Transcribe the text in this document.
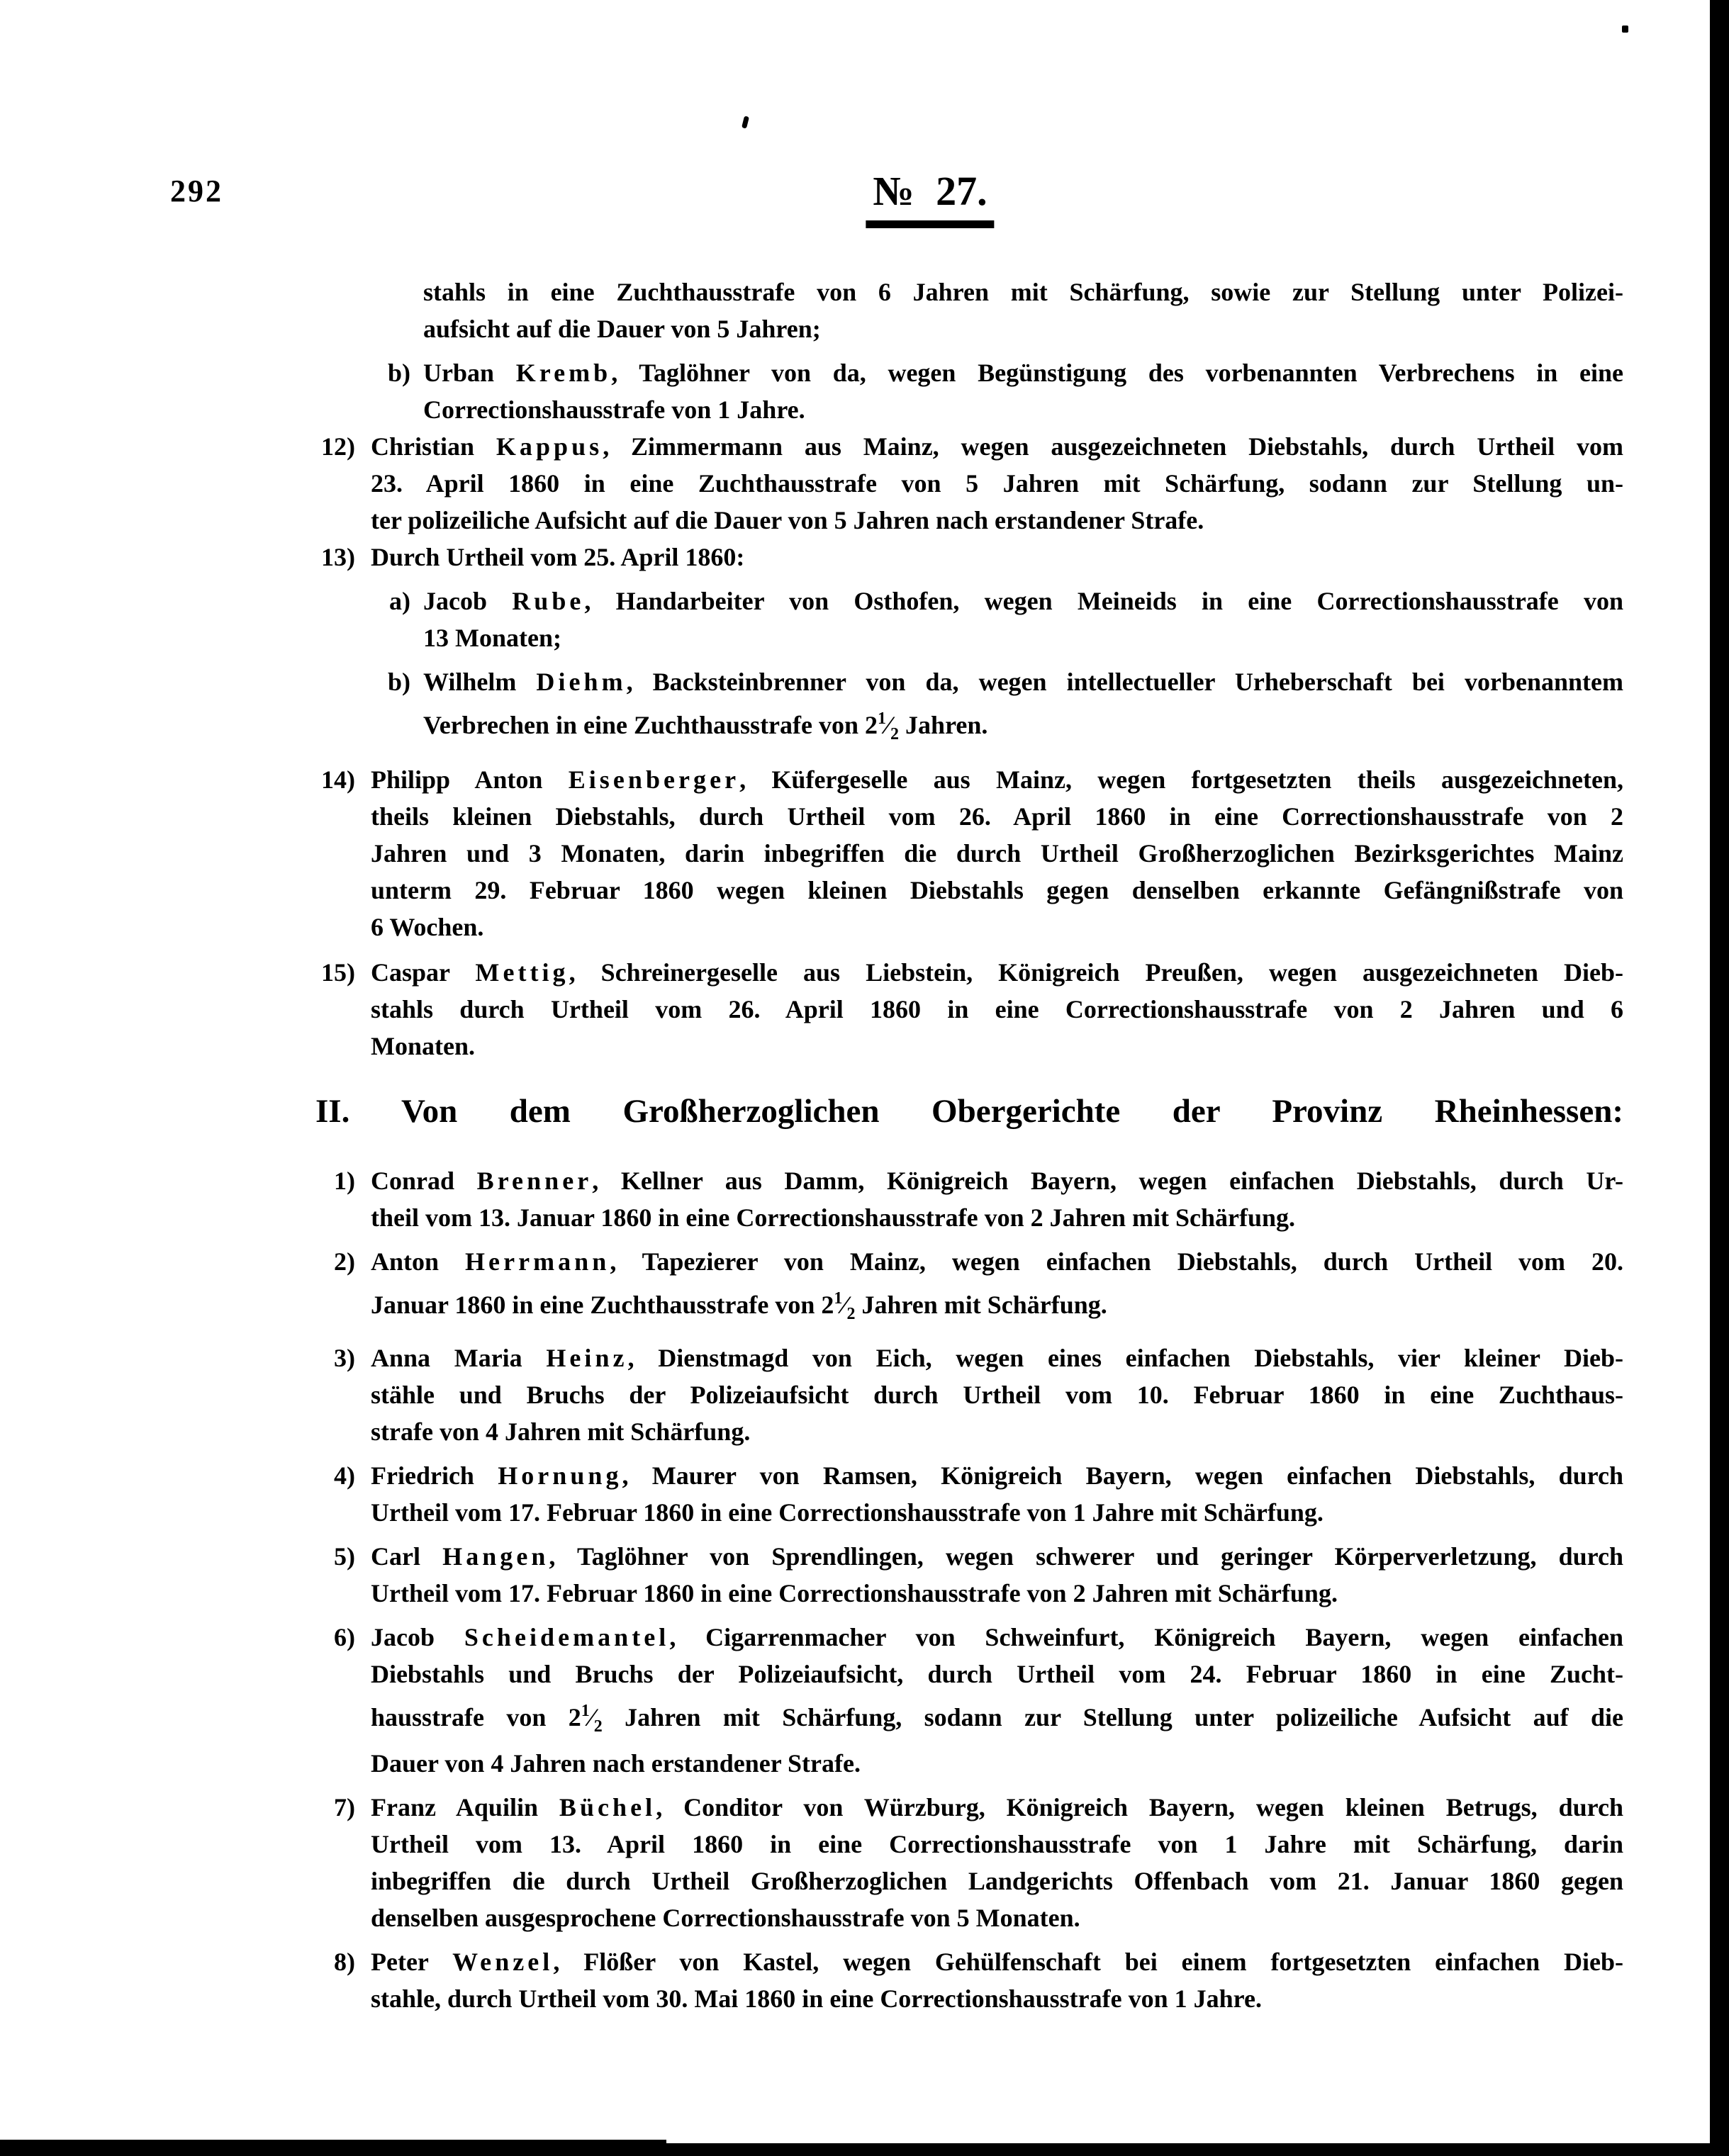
292	№ 27.
stahls in eine Zuchthausstrafe von 6 Jahren mit Schärfung, sowie zur Stellung unter Polizei-
aufsicht auf die Dauer von 5 Jahren;
b) Urban Kremb, Taglöhner von da, wegen Begünstigung des vorbenannten Verbrechens in eine
Correctionshausstrafe von 1 Jahre.
12) Christian Kappus, Zimmermann aus Mainz, wegen ausgezeichneten Diebstahls, durch Urtheil vom
23. April 1860 in eine Zuchthausstrafe von 5 Jahren mit Schärfung, sodann zur Stellung un-
ter polizeiliche Aufsicht auf die Dauer von 5 Jahren nach erstandener Strafe.
13) Durch Urtheil vom 25. April 1860:
a) Jacob Rube, Handarbeiter von Osthofen, wegen Meineids in eine Correctionshausstrafe von
13 Monaten;
b) Wilhelm Diehm, Backsteinbrenner von da, wegen intellectueller Urheberschaft bei vorbenanntem
Verbrechen in eine Zuchthausstrafe von $2^1⁄_2$ Jahren.
14) Philipp Anton Eisenberger, Küfergeselle aus Mainz, wegen fortgesetzten theils ausgezeichneten,
theils kleinen Diebstahls, durch Urtheil vom 26. April 1860 in eine Correctionshausstrafe von 2
Jahren und 3 Monaten, darin inbegriffen die durch Urtheil Großherzoglichen Bezirksgerichtes Mainz
unterm 29. Februar 1860 wegen kleinen Diebstahls gegen denselben erkannte Gefängnißstrafe von
6 Wochen.
15) Caspar Mettig, Schreinergeselle aus Liebstein, Königreich Preußen, wegen ausgezeichneten Dieb-
stahls durch Urtheil vom 26. April 1860 in eine Correctionshausstrafe von 2 Jahren und 6
Monaten.
II. Von dem Großherzoglichen Obergerichte der Provinz Rheinhessen:
1) Conrad Brenner, Kellner aus Damm, Königreich Bayern, wegen einfachen Diebstahls, durch Ur-
theil vom 13. Januar 1860 in eine Correctionshausstrafe von 2 Jahren mit Schärfung.
2) Anton Herrmann, Tapezierer von Mainz, wegen einfachen Diebstahls, durch Urtheil vom 20.
Januar 1860 in eine Zuchthausstrafe von $2^1⁄_2$ Jahren mit Schärfung.
3) Anna Maria Heinz, Dienstmagd von Eich, wegen eines einfachen Diebstahls, vier kleiner Dieb-
stähle und Bruchs der Polizeiaufsicht durch Urtheil vom 10. Februar 1860 in eine Zuchthaus-
strafe von 4 Jahren mit Schärfung.
4) Friedrich Hornung, Maurer von Ramsen, Königreich Bayern, wegen einfachen Diebstahls, durch
Urtheil vom 17. Februar 1860 in eine Correctionshausstrafe von 1 Jahre mit Schärfung.
5) Carl Hangen, Taglöhner von Sprendlingen, wegen schwerer und geringer Körperverletzung, durch
Urtheil vom 17. Februar 1860 in eine Correctionshausstrafe von 2 Jahren mit Schärfung.
6) Jacob Scheidemantel, Cigarrenmacher von Schweinfurt, Königreich Bayern, wegen einfachen
Diebstahls und Bruchs der Polizeiaufsicht, durch Urtheil vom 24. Februar 1860 in eine Zucht-
hausstrafe von $2^1⁄_2$ Jahren mit Schärfung, sodann zur Stellung unter polizeiliche Aufsicht auf die
Dauer von 4 Jahren nach erstandener Strafe.
7) Franz Aquilin Büchel, Conditor von Würzburg, Königreich Bayern, wegen kleinen Betrugs, durch
Urtheil vom 13. April 1860 in eine Correctionshausstrafe von 1 Jahre mit Schärfung, darin
inbegriffen die durch Urtheil Großherzoglichen Landgerichts Offenbach vom 21. Januar 1860 gegen
denselben ausgesprochene Correctionshausstrafe von 5 Monaten.
8) Peter Wenzel, Flößer von Kastel, wegen Gehülfenschaft bei einem fortgesetzten einfachen Dieb-
stahle, durch Urtheil vom 30. Mai 1860 in eine Correctionshausstrafe von 1 Jahre.
